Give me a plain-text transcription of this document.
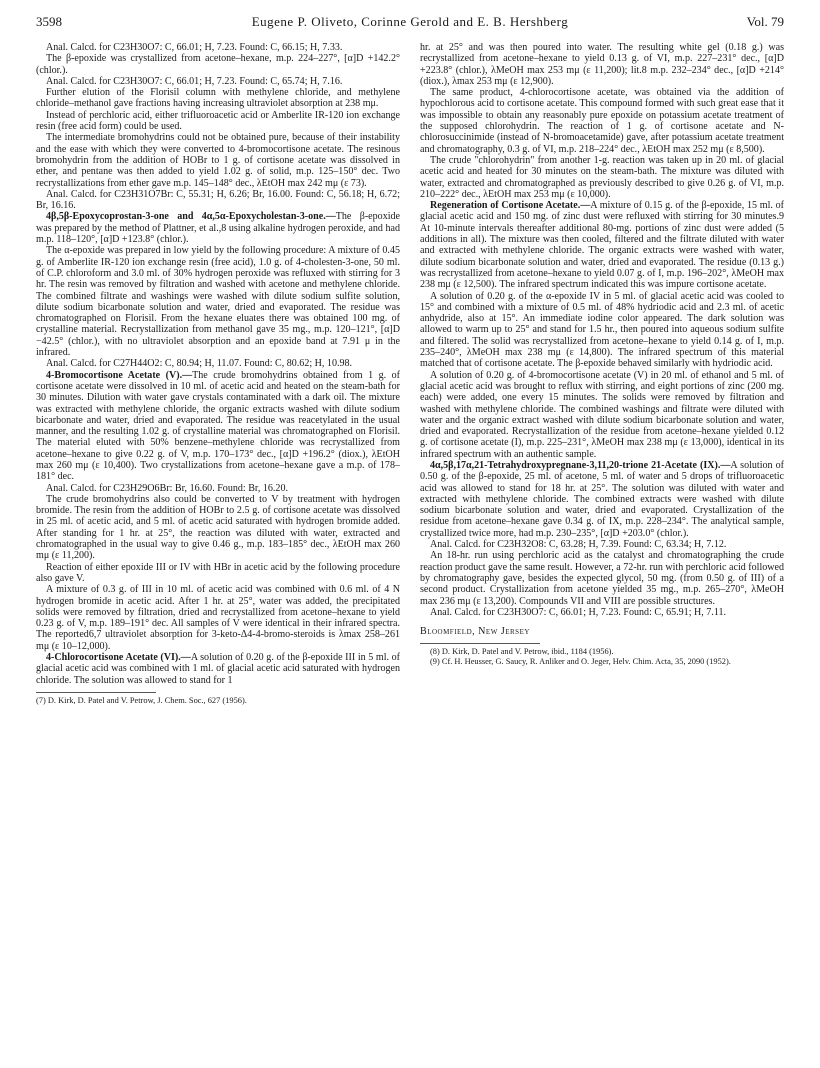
3598	Eugene P. Oliveto, Corinne Gerold and E. B. Hershberg	Vol. 79

Anal. Calcd. for C23H30O7: C, 66.01; H, 7.23. Found: C, 66.15; H, 7.33.

The β-epoxide was crystallized from acetone–hexane, m.p. 224–227°, [α]D +142.2° (chlor.).

Anal. Calcd. for C23H30O7: C, 66.01; H, 7.23. Found: C, 65.74; H, 7.16.

Further elution of the Florisil column with methylene chloride, and methylene chloride–methanol gave fractions having increasing ultraviolet absorption at 238 mμ.

Instead of perchloric acid, either trifluoroacetic acid or Amberlite IR-120 ion exchange resin (free acid form) could be used.

The intermediate bromohydrins could not be obtained pure, because of their instability and the ease with which they were converted to 4-bromocortisone acetate. The resinous bromohydrin from the addition of HOBr to 1 g. of cortisone acetate was dissolved in ether, and pentane was then added to yield 1.02 g. of solid, m.p. 125–150° dec. Two recrystallizations from ether gave m.p. 145–148° dec., λEtOH max 242 mμ (ε 73).

Anal. Calcd. for C23H31O7Br: C, 55.31; H, 6.26; Br, 16.00. Found: C, 56.18; H, 6.72; Br, 16.16.

4β,5β-Epoxycoprostan-3-one and 4α,5α-Epoxycholestan-3-one.—The β-epoxide was prepared by the method of Plattner, et al.,8 using alkaline hydrogen peroxide, and had m.p. 118–120°, [α]D +123.8° (chlor.).

The α-epoxide was prepared in low yield by the following procedure: A mixture of 0.45 g. of Amberlite IR-120 ion exchange resin (free acid), 1.0 g. of 4-cholesten-3-one, 50 ml. of C.P. chloroform and 3.0 ml. of 30% hydrogen peroxide was refluxed with stirring for 3 hr. The resin was removed by filtration and washed with acetone and methylene chloride. The combined filtrate and washings were washed with dilute sodium sulfite solution, dilute sodium bicarbonate solution and water, dried and evaporated. The residue was chromatographed on Florisil. From the hexane eluates there was obtained 100 mg. of crystalline material. Recrystallization from methanol gave 35 mg., m.p. 120–121°, [α]D −42.5° (chlor.), with no ultraviolet absorption and an epoxide band at 7.91 μ in the infrared.

Anal. Calcd. for C27H44O2: C, 80.94; H, 11.07. Found: C, 80.62; H, 10.98.

4-Bromocortisone Acetate (V).—The crude bromohydrins obtained from 1 g. of cortisone acetate were dissolved in 10 ml. of acetic acid and heated on the steam-bath for 30 minutes. Dilution with water gave crystals contaminated with a dark oil. The mixture was extracted with methylene chloride, the organic extracts washed with dilute sodium bicarbonate and water, dried and evaporated. The residue was reacetylated in the usual manner, and the resulting 1.02 g. of crystalline material was chromatographed on Florisil. The material eluted with 50% benzene–methylene chloride was recrystallized from acetone–hexane to give 0.22 g. of V, m.p. 170–173° dec., [α]D +196.2° (diox.), λEtOH max 260 mμ (ε 10,400). Two crystallizations from acetone–hexane gave a m.p. of 178–181° dec.

Anal. Calcd. for C23H29O6Br: Br, 16.60. Found: Br, 16.20.

The crude bromohydrins also could be converted to V by treatment with hydrogen bromide. The resin from the addition of HOBr to 2.5 g. of cortisone acetate was dissolved in 25 ml. of acetic acid, and 5 ml. of acetic acid saturated with hydrogen bromide added. After standing for 1 hr. at 25°, the reaction was diluted with water, extracted and chromatographed in the usual way to give 0.46 g., m.p. 183–185° dec., λEtOH max 260 mμ (ε 11,200).

Reaction of either epoxide III or IV with HBr in acetic acid by the following procedure also gave V.

A mixture of 0.3 g. of III in 10 ml. of acetic acid was combined with 0.6 ml. of 4 N hydrogen bromide in acetic acid. After 1 hr. at 25°, water was added, the precipitated solids were removed by filtration, dried and recrystallized from acetone–hexane to yield 0.23 g. of V, m.p. 189–191° dec. All samples of V were identical in their infrared spectra. The reported6,7 ultraviolet absorption for 3-keto-Δ4-4-bromo-steroids is λmax 258–261 mμ (ε 10–12,000).

4-Chlorocortisone Acetate (VI).—A solution of 0.20 g. of the β-epoxide III in 5 ml. of glacial acetic acid was combined with 1 ml. of glacial acetic acid saturated with hydrogen chloride. The solution was allowed to stand for 1

(7) D. Kirk, D. Patel and V. Petrow, J. Chem. Soc., 627 (1956).

hr. at 25° and was then poured into water. The resulting white gel (0.18 g.) was recrystallized from acetone–hexane to yield 0.13 g. of VI, m.p. 227–231° dec., [α]D +223.8° (chlor.), λMeOH max 253 mμ (ε 11,200); lit.8 m.p. 232–234° dec., [α]D +214° (diox.), λmax 253 mμ (ε 12,900).

The same product, 4-chlorocortisone acetate, was obtained via the addition of hypochlorous acid to cortisone acetate. This compound formed with such great ease that it was impossible to obtain any reasonably pure epoxide on potassium acetate treatment of the supposed chlorohydrin. The reaction of 1 g. of cortisone acetate and N-chlorosuccinimide (instead of N-bromoacetamide) gave, after potassium acetate treatment and chromatography, 0.3 g. of VI, m.p. 218–224° dec., λEtOH max 252 mμ (ε 8,500).

The crude "chlorohydrin" from another 1-g. reaction was taken up in 20 ml. of glacial acetic acid and heated for 30 minutes on the steam-bath. The mixture was diluted with water, extracted and chromatographed as previously described to give 0.26 g. of VI, m.p. 210–222° dec., λEtOH max 253 mμ (ε 10,000).

Regeneration of Cortisone Acetate.—A mixture of 0.15 g. of the β-epoxide, 15 ml. of glacial acetic acid and 150 mg. of zinc dust were refluxed with stirring for 30 minutes.9 At 10-minute intervals thereafter additional 80-mg. portions of zinc dust were added (5 additions in all). The mixture was then cooled, filtered and the filtrate diluted with water and extracted with methylene chloride. The organic extracts were washed with water, dilute sodium bicarbonate solution and water, dried and evaporated. The residue (0.13 g.) was recrystallized from acetone–hexane to yield 0.07 g. of I, m.p. 196–202°, λMeOH max 238 mμ (ε 12,500). The infrared spectrum indicated this was impure cortisone acetate.

A solution of 0.20 g. of the α-epoxide IV in 5 ml. of glacial acetic acid was cooled to 15° and combined with a mixture of 0.5 ml. of 48% hydriodic acid and 2.3 ml. of acetic anhydride, also at 15°. An immediate iodine color appeared. The dark solution was allowed to warm up to 25° and stand for 1.5 hr., then poured into aqueous sodium sulfite and filtered. The solid was recrystallized from acetone–hexane to yield 0.14 g. of I, m.p. 235–240°, λMeOH max 238 mμ (ε 14,800). The infrared spectrum of this material matched that of cortisone acetate. The β-epoxide behaved similarly with hydriodic acid.

A solution of 0.20 g. of 4-bromocortisone acetate (V) in 20 ml. of ethanol and 5 ml. of glacial acetic acid was brought to reflux with stirring, and eight portions of zinc (200 mg. each) were added, one every 15 minutes. The solids were removed by filtration and washed with methylene chloride. The combined washings and filtrate were diluted with water and the organic extract washed with dilute sodium bicarbonate solution and water, dried and evaporated. Recrystallization of the residue from acetone–hexane yielded 0.12 g. of cortisone acetate (I), m.p. 225–231°, λMeOH max 238 mμ (ε 13,000), identical in its infrared spectrum with an authentic sample.

4α,5β,17α,21-Tetrahydroxypregnane-3,11,20-trione 21-Acetate (IX).—A solution of 0.50 g. of the β-epoxide, 25 ml. of acetone, 5 ml. of water and 5 drops of trifluoroacetic acid was allowed to stand for 18 hr. at 25°. The solution was diluted with water and extracted with methylene chloride. The combined extracts were washed with dilute sodium bicarbonate solution and water, dried and evaporated. Crystallization of the residue from acetone–hexane gave 0.34 g. of IX, m.p. 228–234°. The analytical sample, crystallized twice more, had m.p. 230–235°, [α]D +203.0° (chlor.).

Anal. Calcd. for C23H32O8: C, 63.28; H, 7.39. Found: C, 63.34; H, 7.12.

An 18-hr. run using perchloric acid as the catalyst and chromatographing the crude reaction product gave the same result. However, a 72-hr. run with perchloric acid followed by chromatography gave, besides the expected glycol, 50 mg. (from 0.50 g. of III) of a second product. Crystallization from acetone yielded 35 mg., m.p. 265–270°, λMeOH max 236 mμ (ε 13,200). Compounds VII and VIII are possible structures.

Anal. Calcd. for C23H30O7: C, 66.01; H, 7.23. Found: C, 65.91; H, 7.11.

Bloomfield, New Jersey

(8) D. Kirk, D. Patel and V. Petrow, ibid., 1184 (1956).

(9) Cf. H. Heusser, G. Saucy, R. Anliker and O. Jeger, Helv. Chim. Acta, 35, 2090 (1952).
